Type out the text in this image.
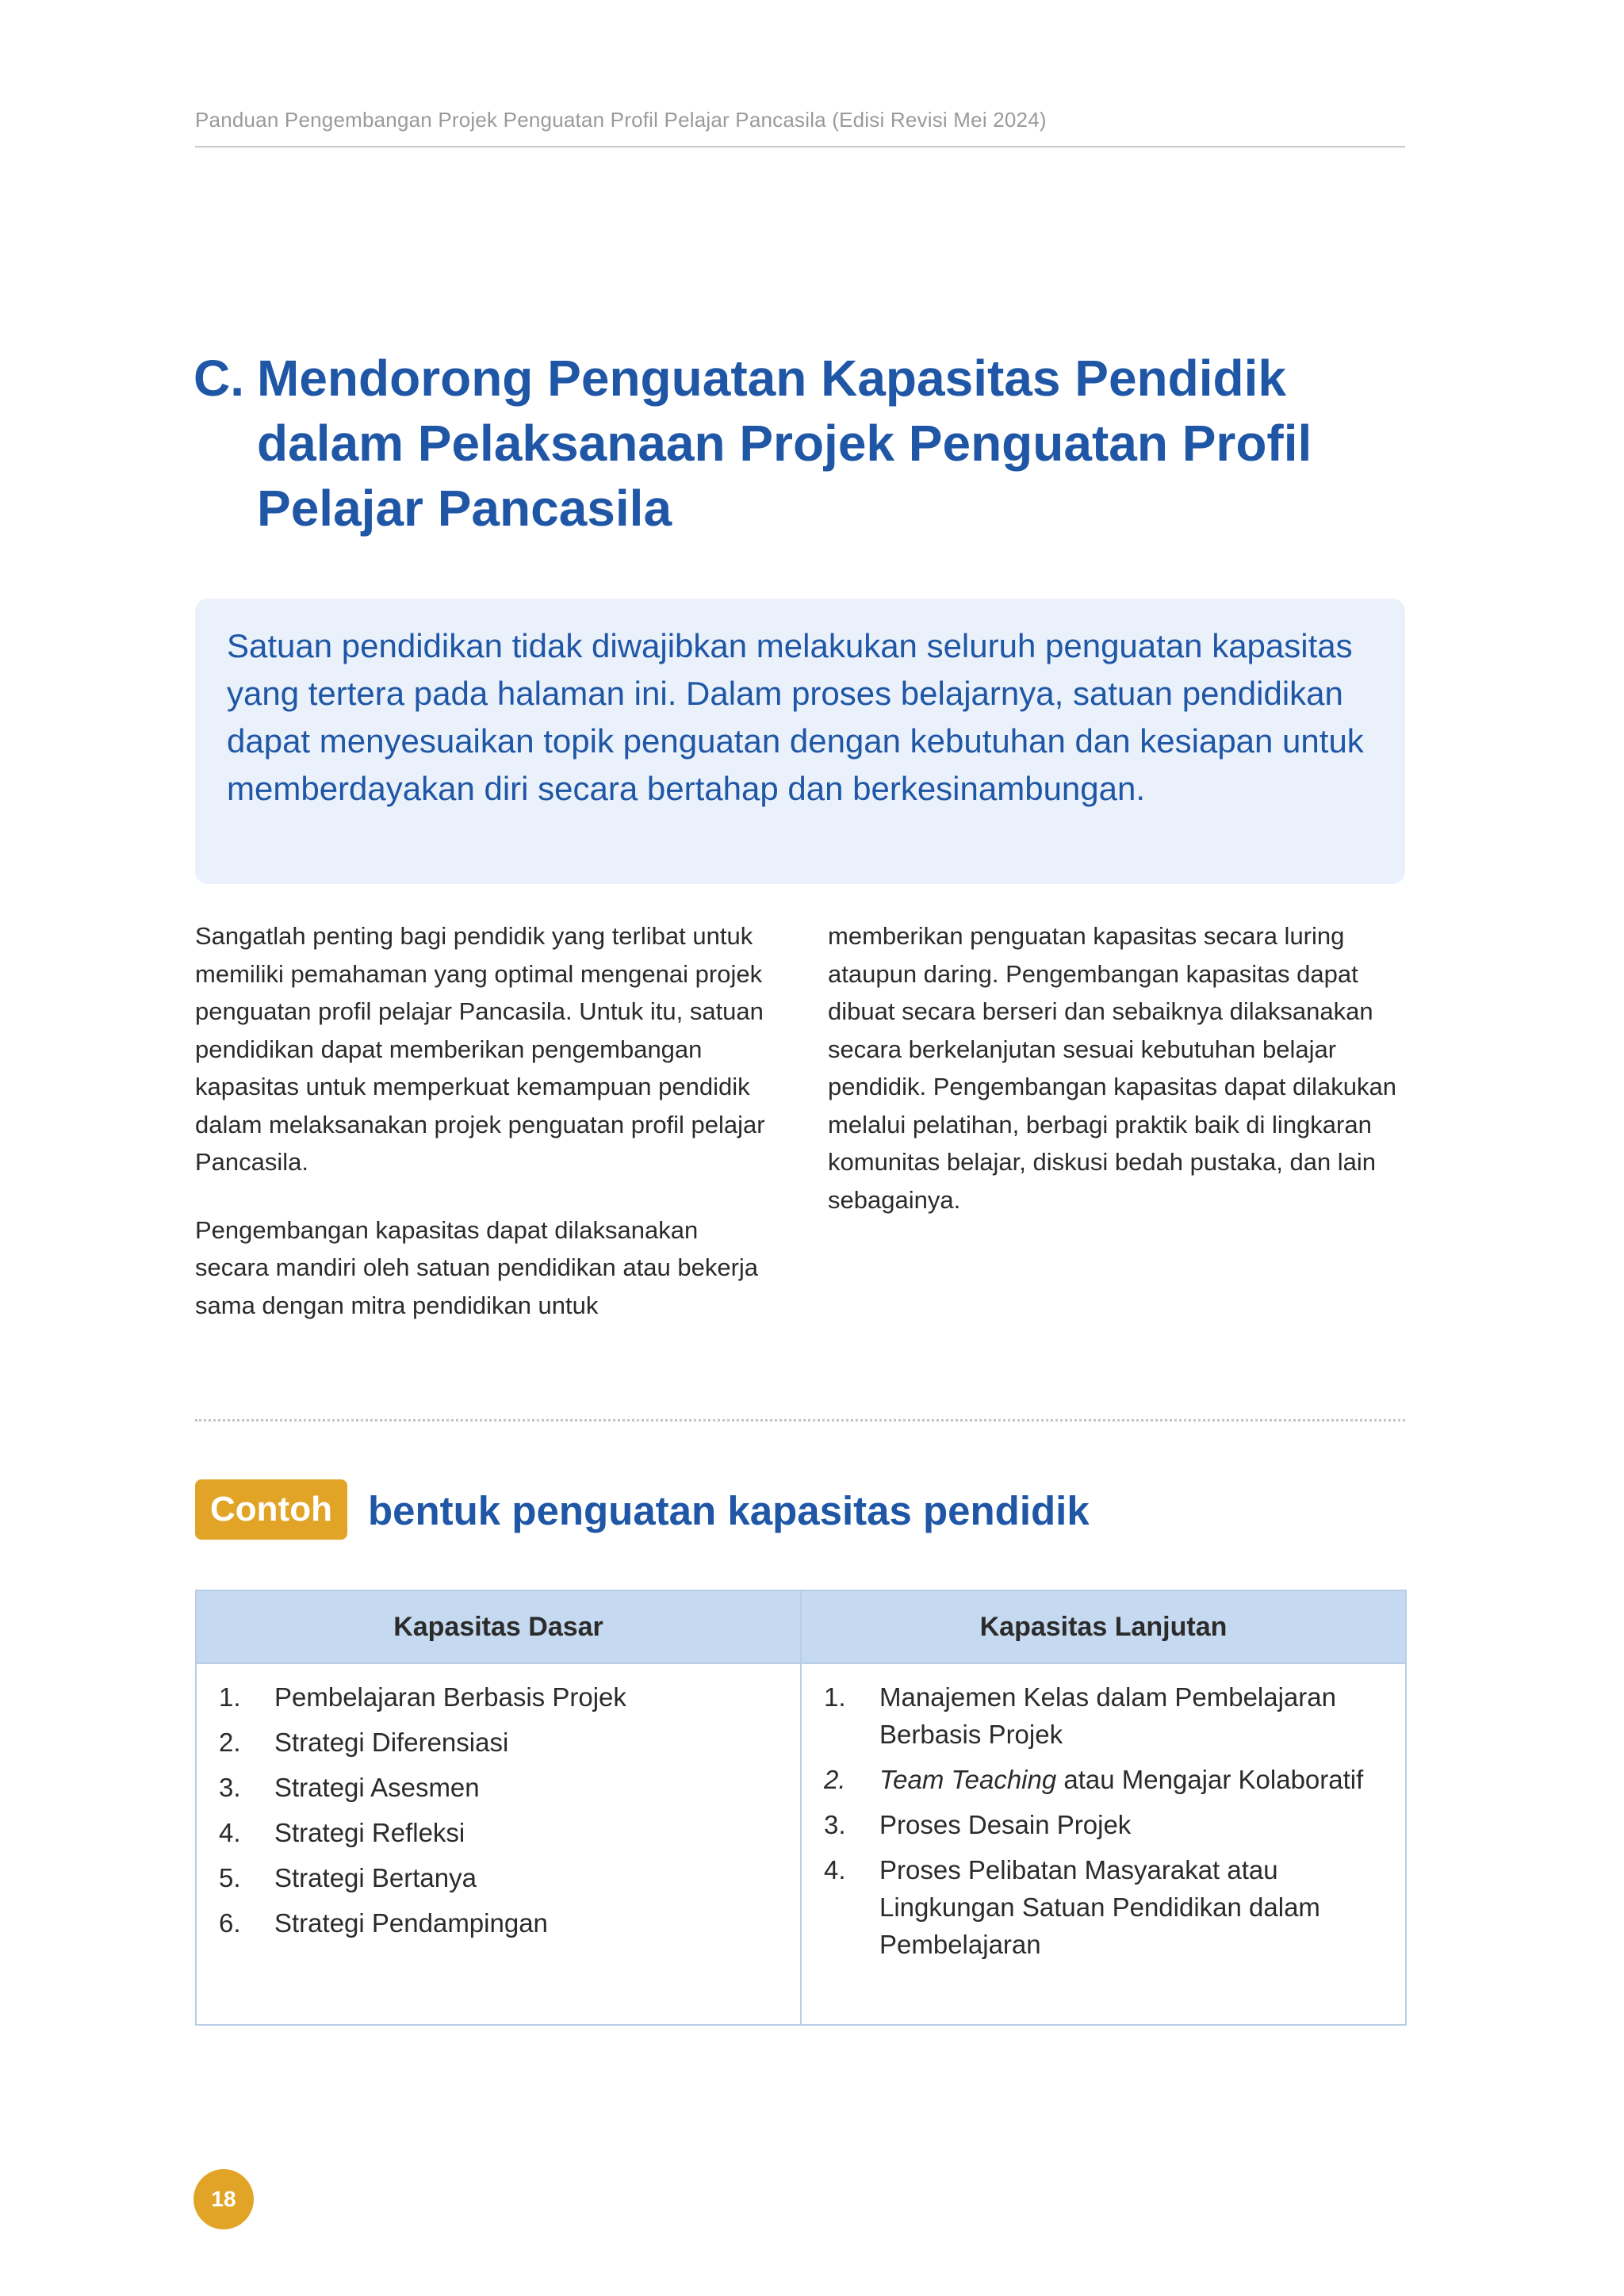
Panduan Pengembangan Projek Penguatan Profil Pelajar Pancasila (Edisi Revisi Mei 2024)
C. Mendorong Penguatan Kapasitas Pendidik dalam Pelaksanaan Projek Penguatan Profil Pelajar Pancasila

Satuan pendidikan tidak diwajibkan melakukan seluruh penguatan kapasitas yang tertera pada halaman ini. Dalam proses belajarnya, satuan pendidikan dapat menyesuaikan topik penguatan dengan kebutuhan dan kesiapan untuk memberdayakan diri secara bertahap dan berkesinambungan.

Sangatlah penting bagi pendidik yang terlibat untuk memiliki pemahaman yang optimal mengenai projek penguatan profil pelajar Pancasila. Untuk itu, satuan pendidikan dapat memberikan pengembangan kapasitas untuk memperkuat kemampuan pendidik dalam melaksanakan projek penguatan profil pelajar Pancasila.

Pengembangan kapasitas dapat dilaksanakan secara mandiri oleh satuan pendidikan atau bekerja sama dengan mitra pendidikan untuk

memberikan penguatan kapasitas secara luring ataupun daring. Pengembangan kapasitas dapat dibuat secara berseri dan sebaiknya dilaksanakan secara berkelanjutan sesuai kebutuhan belajar pendidik. Pengembangan kapasitas dapat dilakukan melalui pelatihan, berbagi praktik baik di lingkaran komunitas belajar, diskusi bedah pustaka, dan lain sebagainya.

Contoh bentuk penguatan kapasitas pendidik
Kapasitas Dasar
1.	Pembelajaran Berbasis Projek
2.	Strategi Diferensiasi
3.	Strategi Asesmen
4.	Strategi Refleksi
5.	Strategi Bertanya
6.	Strategi Pendampingan
Kapasitas Lanjutan
1.	Manajemen Kelas dalam Pembelajaran Berbasis Projek
2.	Team Teaching atau Mengajar Kolaboratif
3.	Proses Desain Projek
4.	Proses Pelibatan Masyarakat atau Lingkungan Satuan Pendidikan dalam Pembelajaran
18
